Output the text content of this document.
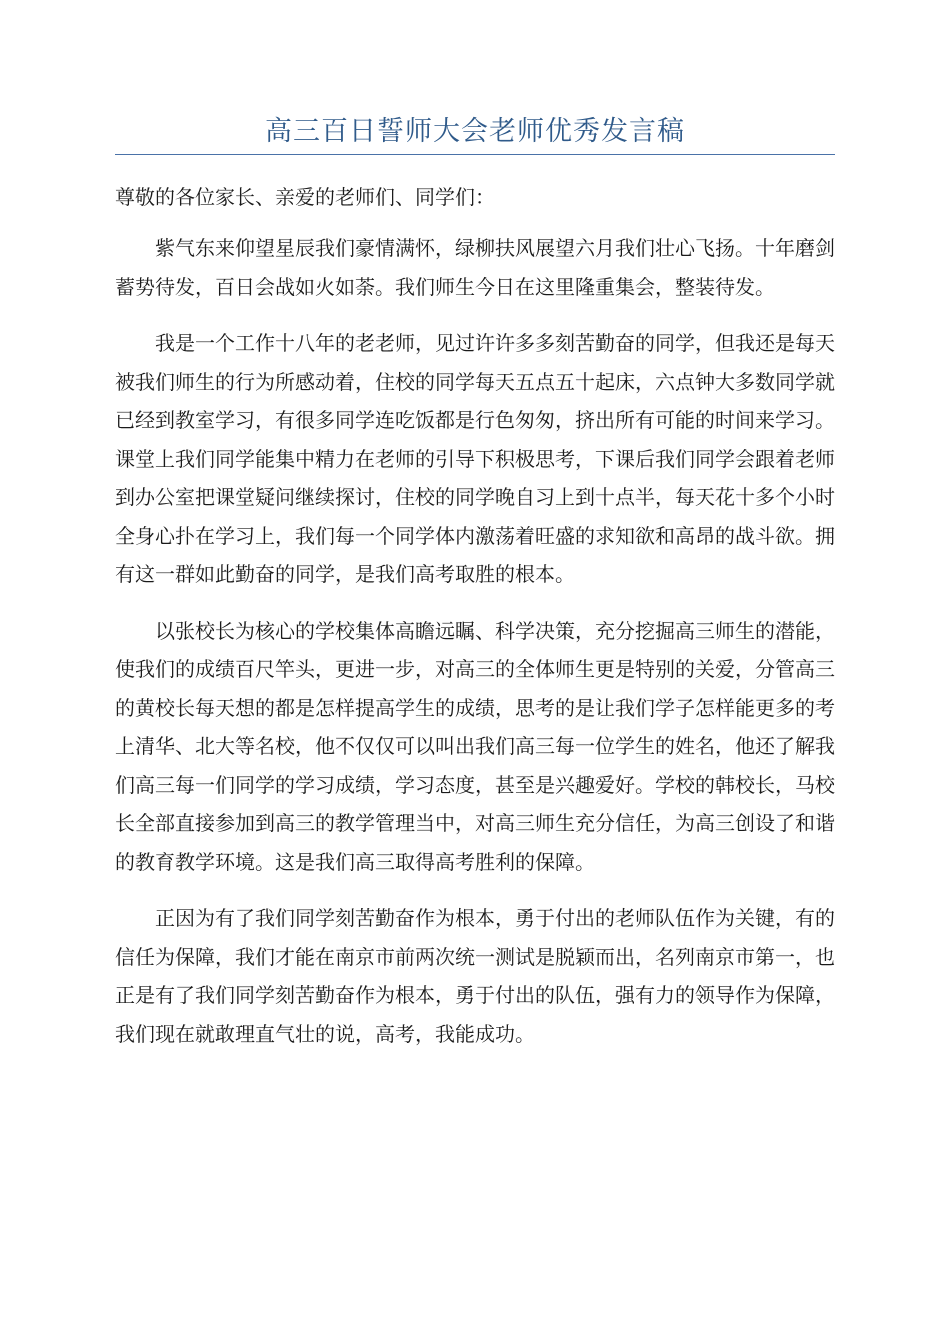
高三百日誓师大会老师优秀发言稿
尊敬的各位家长、亲爱的老师们、同学们：

紫气东来仰望星辰我们豪情满怀，绿柳扶风展望六月我们壮心飞扬。十年磨剑蓄势待发，百日会战如火如荼。我们师生今日在这里隆重集会，整装待发。

我是一个工作十八年的老老师，见过许许多多刻苦勤奋的同学，但我还是每天被我们师生的行为所感动着，住校的同学每天五点五十起床，六点钟大多数同学就已经到教室学习，有很多同学连吃饭都是行色匆匆，挤出所有可能的时间来学习。课堂上我们同学能集中精力在老师的引导下积极思考，下课后我们同学会跟着老师到办公室把课堂疑问继续探讨，住校的同学晚自习上到十点半，每天花十多个小时全身心扑在学习上，我们每一个同学体内激荡着旺盛的求知欲和高昂的战斗欲。拥有这一群如此勤奋的同学，是我们高考取胜的根本。

以张校长为核心的学校集体高瞻远瞩、科学决策，充分挖掘高三师生的潜能，使我们的成绩百尺竿头，更进一步，对高三的全体师生更是特别的关爱，分管高三的黄校长每天想的都是怎样提高学生的成绩，思考的是让我们学子怎样能更多的考上清华、北大等名校，他不仅仅可以叫出我们高三每一位学生的姓名，他还了解我们高三每一们同学的学习成绩，学习态度，甚至是兴趣爱好。学校的韩校长，马校长全部直接参加到高三的教学管理当中，对高三师生充分信任，为高三创设了和谐的教育教学环境。这是我们高三取得高考胜利的保障。

正因为有了我们同学刻苦勤奋作为根本，勇于付出的老师队伍作为关键，有的信任为保障，我们才能在南京市前两次统一测试是脱颖而出，名列南京市第一，也正是有了我们同学刻苦勤奋作为根本，勇于付出的队伍，强有力的领导作为保障，我们现在就敢理直气壮的说，高考，我能成功。
